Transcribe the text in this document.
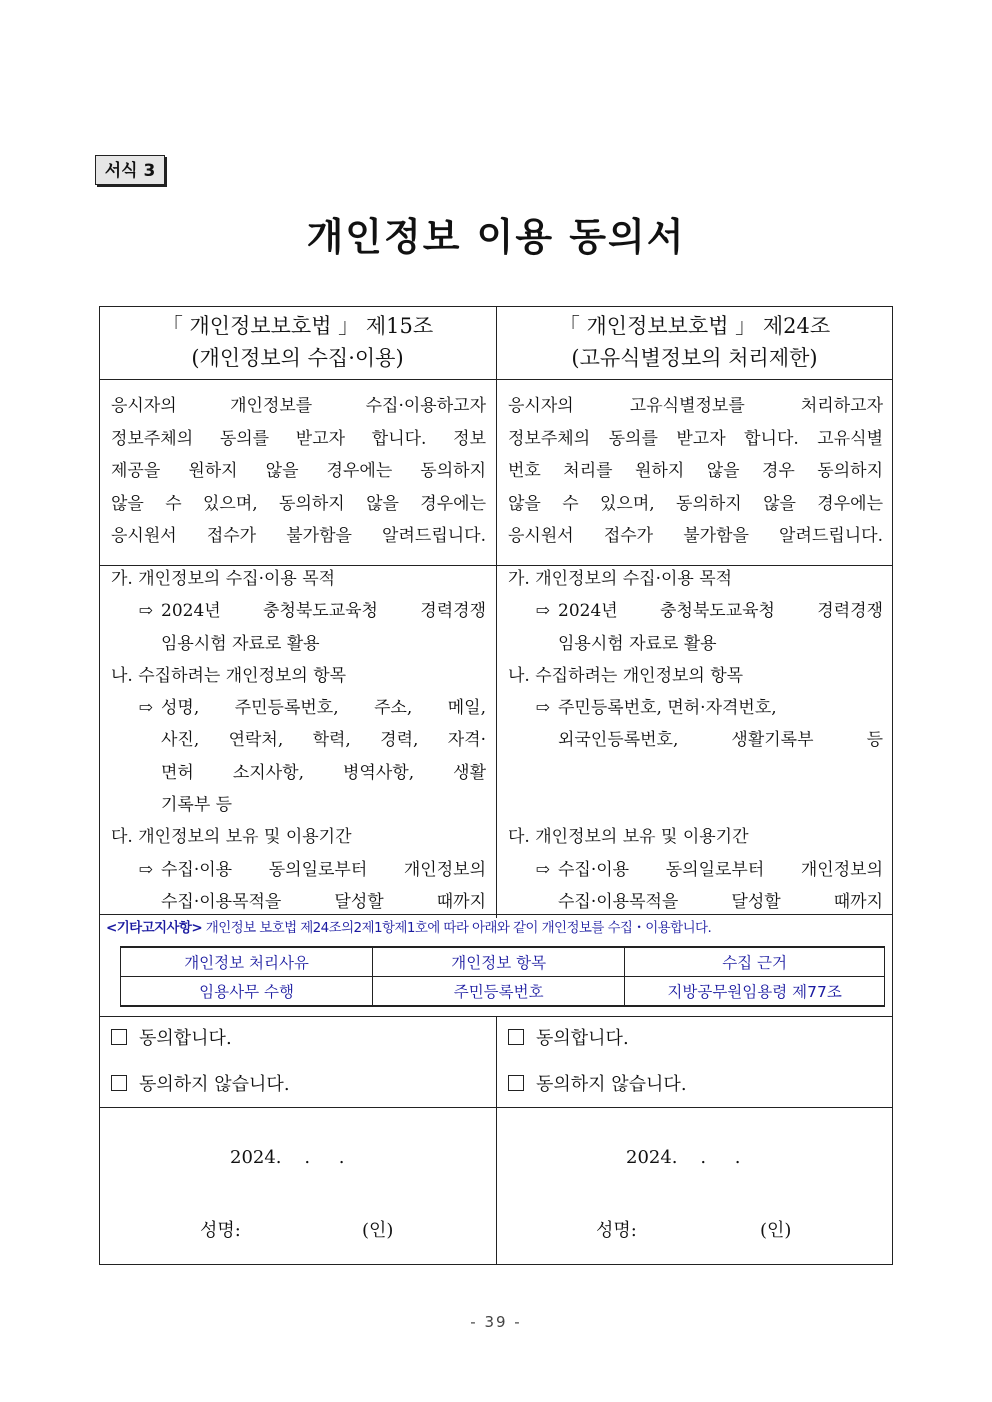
서식 3
개인정보 이용 동의서
「 개인정보보호법 」 제15조
(개인정보의 수집·이용)
「 개인정보보호법 」 제24조
(고유식별정보의 처리제한)
응시자의 개인정보를 수집·이용하고자
정보주체의 동의를 받고자 합니다. 정보
제공을 원하지 않을 경우에는 동의하지
않을 수 있으며, 동의하지 않을 경우에는
응시원서 접수가 불가함을 알려드립니다.
응시자의 고유식별정보를 처리하고자
정보주체의 동의를 받고자 합니다. 고유식별
번호 처리를 원하지 않을 경우 동의하지
않을 수 있으며, 동의하지 않을 경우에는
응시원서 접수가 불가함을 알려드립니다.
가. 개인정보의 수집·이용 목적
⇨ 2024년 충청북도교육청 경력경쟁
임용시험 자료로 활용
나. 수집하려는 개인정보의 항목
⇨ 성명, 주민등록번호, 주소, 메일,
사진, 연락처, 학력, 경력, 자격·
면허 소지사항, 병역사항, 생활
기록부 등
다. 개인정보의 보유 및 이용기간
⇨ 수집·이용 동의일로부터 개인정보의
수집·이용목적을 달성할 때까지
가. 개인정보의 수집·이용 목적
⇨ 2024년 충청북도교육청 경력경쟁
임용시험 자료로 활용
나. 수집하려는 개인정보의 항목
⇨ 주민등록번호, 면허·자격번호,
외국인등록번호, 생활기록부 등
다. 개인정보의 보유 및 이용기간
⇨ 수집·이용 동의일로부터 개인정보의
수집·이용목적을 달성할 때까지
<기타고지사항> 개인정보 보호법 제24조의2제1항제1호에 따라 아래와 같이 개인정보를 수집・이용합니다.
개인정보 처리사유	개인정보 항목	수집 근거
임용사무 수행	주민등록번호	지방공무원임용령 제77조
동의합니다.
동의하지 않습니다.
동의합니다.
동의하지 않습니다.
2024.    .     .
성명:	(인)
2024.    .     .
성명:	(인)
- 39 -
